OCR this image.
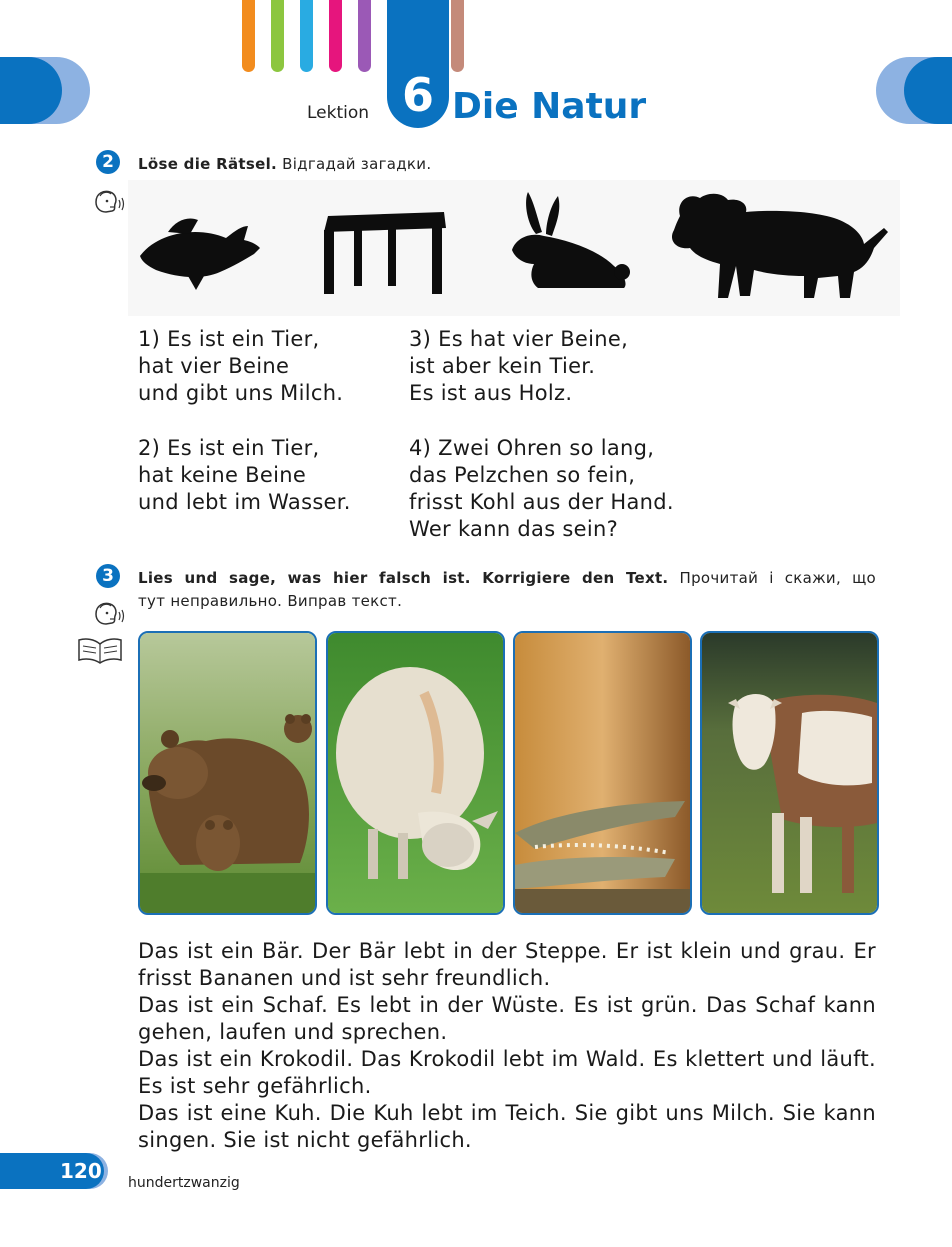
Lektion 6 Die Natur
2	Löse die Rätsel. Відгадай загадки.
1) Es ist ein Tier,
hat vier Beine
und gibt uns Milch.
2) Es ist ein Tier,
hat keine Beine
und lebt im Wasser.
3) Es hat vier Beine,
ist aber kein Tier.
Es ist aus Holz.
4) Zwei Ohren so lang,
das Pelzchen so fein,
frisst Kohl aus der Hand.
Wer kann das sein?
3	Lies und sage, was hier falsch ist. Korrigiere den Text. Прочитай і скажи, що
тут неправильно. Виправ текст.

Das ist ein Bär. Der Bär lebt in der Steppe. Er ist klein und grau. Er frisst Bananen und ist sehr freundlich.

Das ist ein Schaf. Es lebt in der Wüste. Es ist grün. Das Schaf kann gehen, laufen und sprechen.

Das ist ein Krokodil. Das Krokodil lebt im Wald. Es klettert und läuft. Es ist sehr gefährlich.

Das ist eine Kuh. Die Kuh lebt im Teich. Sie gibt uns Milch. Sie kann singen. Sie ist nicht gefährlich.

120 hundertzwanzig
